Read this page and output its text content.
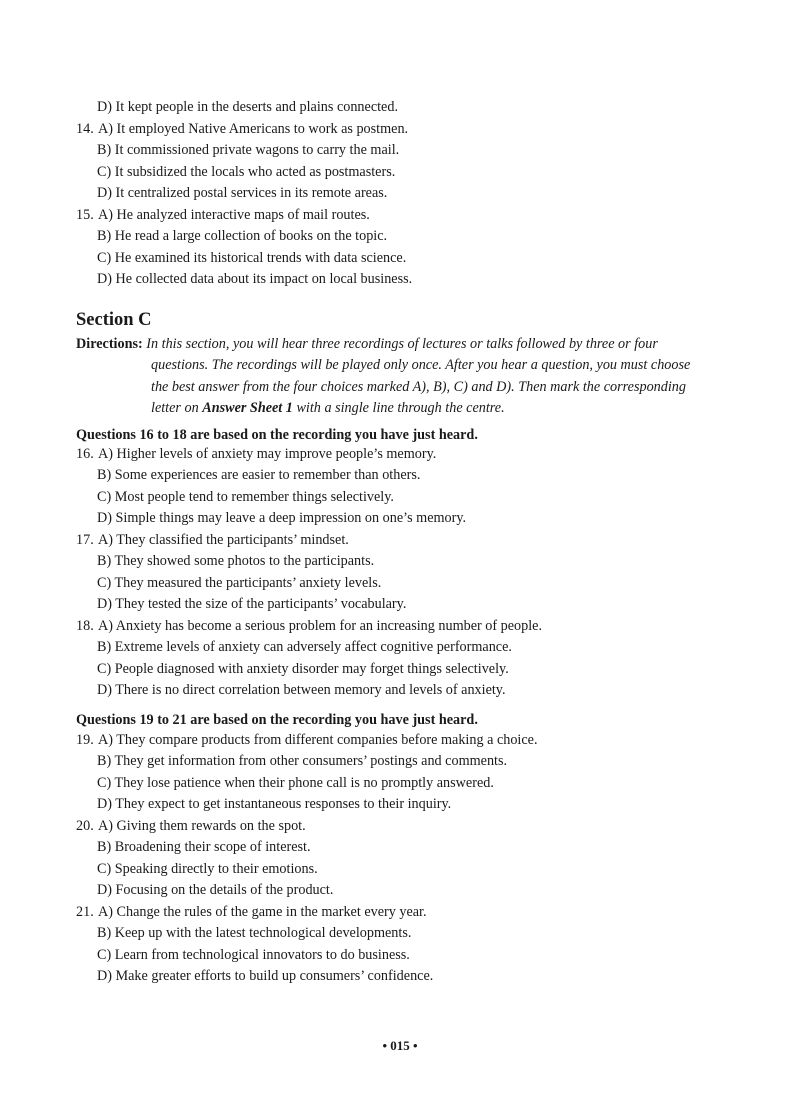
D) It kept people in the deserts and plains connected.
14. A) It employed Native Americans to work as postmen.
B) It commissioned private wagons to carry the mail.
C) It subsidized the locals who acted as postmasters.
D) It centralized postal services in its remote areas.
15. A) He analyzed interactive maps of mail routes.
B) He read a large collection of books on the topic.
C) He examined its historical trends with data science.
D) He collected data about its impact on local business.
Section C
Directions: In this section, you will hear three recordings of lectures or talks followed by three or four
questions. The recordings will be played only once. After you hear a question, you must choose
the best answer from the four choices marked A), B), C) and D). Then mark the corresponding
letter on Answer Sheet 1 with a single line through the centre.
Questions 16 to 18 are based on the recording you have just heard.
16. A) Higher levels of anxiety may improve people’s memory.
B) Some experiences are easier to remember than others.
C) Most people tend to remember things selectively.
D) Simple things may leave a deep impression on one’s memory.
17. A) They classified the participants’ mindset.
B) They showed some photos to the participants.
C) They measured the participants’ anxiety levels.
D) They tested the size of the participants’ vocabulary.
18. A) Anxiety has become a serious problem for an increasing number of people.
B) Extreme levels of anxiety can adversely affect cognitive performance.
C) People diagnosed with anxiety disorder may forget things selectively.
D) There is no direct correlation between memory and levels of anxiety.
Questions 19 to 21 are based on the recording you have just heard.
19. A) They compare products from different companies before making a choice.
B) They get information from other consumers’ postings and comments.
C) They lose patience when their phone call is no promptly answered.
D) They expect to get instantaneous responses to their inquiry.
20. A) Giving them rewards on the spot.
B) Broadening their scope of interest.
C) Speaking directly to their emotions.
D) Focusing on the details of the product.
21. A) Change the rules of the game in the market every year.
B) Keep up with the latest technological developments.
C) Learn from technological innovators to do business.
D) Make greater efforts to build up consumers’ confidence.
• 015 •
